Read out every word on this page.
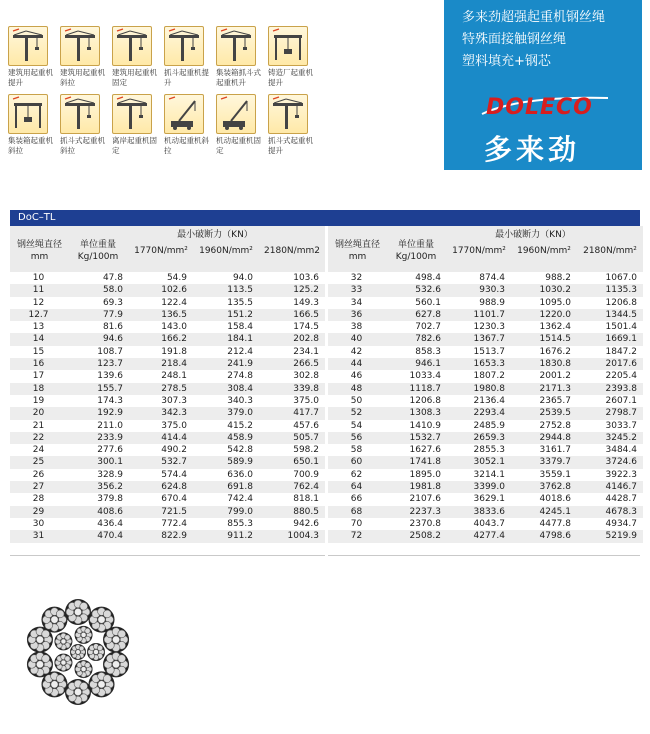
建筑用起重机提升
建筑用起重机斜拉
建筑用起重机固定
抓斗起重机提升
集装箱抓斗式起重机升
铸造厂起重机提升
集装箱起重机斜拉
抓斗式起重机斜拉
离岸起重机固定
机动起重机斜拉
机动起重机固定
抓斗式起重机提升
多来劲超强起重机钢丝绳
特殊面接触钢丝绳
塑料填充+钢芯
DOLECO
多来劲
DoC–TL
钢丝绳直径
mm
单位重量
Kg/100m
最小破断力（KN）
1770N/mm²	1960N/mm²	2180N/mm2
10	47.8	54.9	94.0	103.6
11	58.0	102.6	113.5	125.2
12	69.3	122.4	135.5	149.3
12.7	77.9	136.5	151.2	166.5
13	81.6	143.0	158.4	174.5
14	94.6	166.2	184.1	202.8
15	108.7	191.8	212.4	234.1
16	123.7	218.4	241.9	266.5
17	139.6	248.1	274.8	302.8
18	155.7	278.5	308.4	339.8
19	174.3	307.3	340.3	375.0
20	192.9	342.3	379.0	417.7
21	211.0	375.0	415.2	457.6
22	233.9	414.4	458.9	505.7
24	277.6	490.2	542.8	598.2
25	300.1	532.7	589.9	650.1
26	328.9	574.4	636.0	700.9
27	356.2	624.8	691.8	762.4
28	379.8	670.4	742.4	818.1
29	408.6	721.5	799.0	880.5
30	436.4	772.4	855.3	942.6
31	470.4	822.9	911.2	1004.3
钢丝绳直径
mm
单位重量
Kg/100m
最小破断力（KN）
1770N/mm²	1960N/mm²	2180N/mm²
32	498.4	874.4	988.2	1067.0
33	532.6	930.3	1030.2	1135.3
34	560.1	988.9	1095.0	1206.8
36	627.8	1101.7	1220.0	1344.5
38	702.7	1230.3	1362.4	1501.4
40	782.6	1367.7	1514.5	1669.1
42	858.3	1513.7	1676.2	1847.2
44	946.1	1653.3	1830.8	2017.6
46	1033.4	1807.2	2001.2	2205.4
48	1118.7	1980.8	2171.3	2393.8
50	1206.8	2136.4	2365.7	2607.1
52	1308.3	2293.4	2539.5	2798.7
54	1410.9	2485.9	2752.8	3033.7
56	1532.7	2659.3	2944.8	3245.2
58	1627.6	2855.3	3161.7	3484.4
60	1741.8	3052.1	3379.7	3724.6
62	1895.0	3214.1	3559.1	3922.3
64	1981.8	3399.0	3762.8	4146.7
66	2107.6	3629.1	4018.6	4428.7
68	2237.3	3833.6	4245.1	4678.3
70	2370.8	4043.7	4477.8	4934.7
72	2508.2	4277.4	4798.6	5219.9
